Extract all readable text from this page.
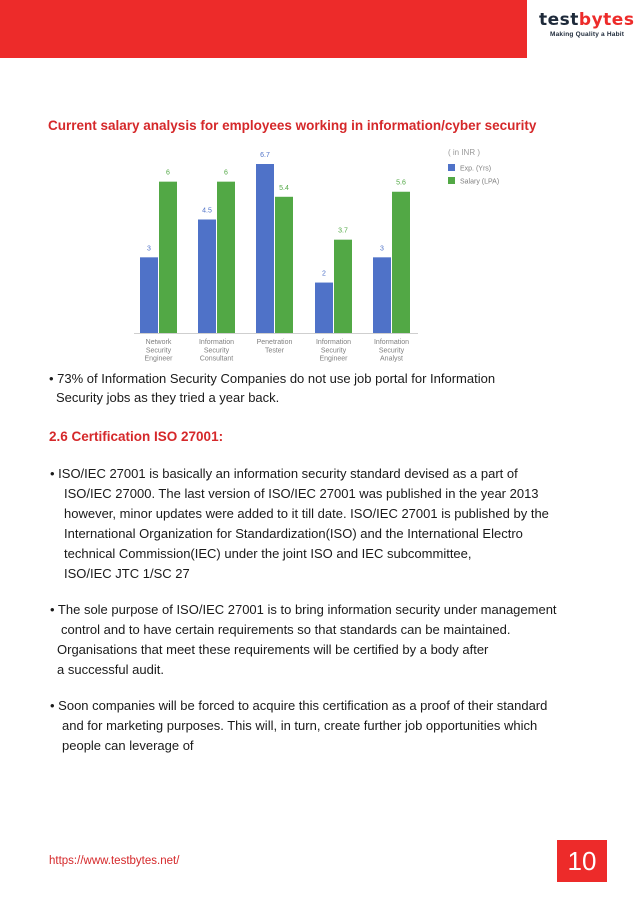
testbytes
Making Quality a Habit
Current salary analysis for employees working in information/cyber security
3
4.5
6.7
2
3
6	6
5.4
3.7
5.6
Network
Security
Engineer
Information
Security
Consultant
Penetration
Tester
Information
Security
Engineer
Information
Security
Analyst
( in INR )
Exp. (Yrs)
Salary (LPA)
• 73% of Information Security Companies do not use job portal for Information
Security jobs as they tried a year back.
2.6 Certification ISO 27001:
• ISO/IEC 27001 is basically an information security standard devised as a part of
ISO/IEC 27000. The last version of ISO/IEC 27001 was published in the year 2013
however, minor updates were added to it till date. ISO/IEC 27001 is published by the
International Organization for Standardization(ISO) and the International Electro
technical Commission(IEC) under the joint ISO and IEC subcommittee,
ISO/IEC JTC 1/SC 27
• The sole purpose of ISO/IEC 27001 is to bring information security under management
control and to have certain requirements so that standards can be maintained.
Organisations that meet these requirements will be certified by a body after
a successful audit.
• Soon companies will be forced to acquire this certification as a proof of their standard
and for marketing purposes. This will, in turn, create further job opportunities which
people can leverage of
https://www.testbytes.net/	10
